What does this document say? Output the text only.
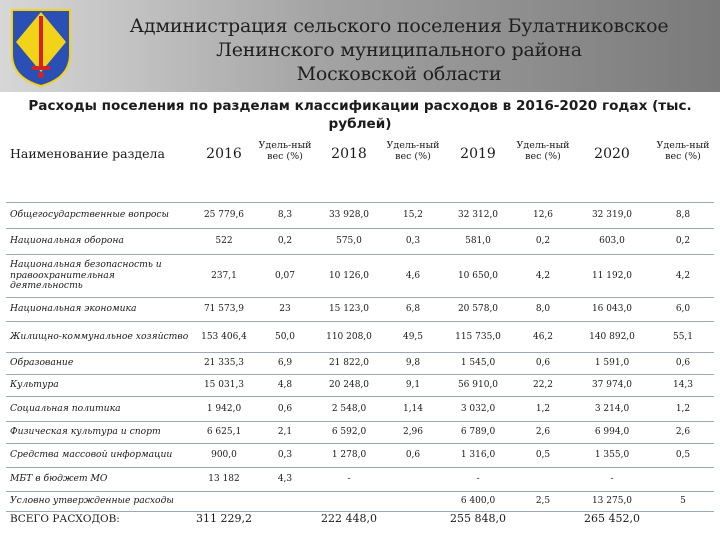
Администрация сельского поселения Булатниковское
Ленинского муниципального района
Московской области
Расходы поселения по разделам классификации расходов в 2016-2020 годах (тыс. рублей)
Наименование раздела	2016	Удель-ный вес (%)	2018	Удель-ный вес (%)	2019	Удель-ный вес (%)	2020	Удель-ный вес (%)
Общегосударственные вопросы	25 779,6	8,3	33 928,0	15,2	32 312,0	12,6	32 319,0	8,8
Национальная оборона	522	0,2	575,0	0,3	581,0	0,2	603,0	0,2
Национальная безопасность и правоохранительная деятельность	237,1	0,07	10 126,0	4,6	10 650,0	4,2	11 192,0	4,2
Национальная экономика	71 573,9	23	15 123,0	6,8	20 578,0	8,0	16 043,0	6,0
Жилищно-коммунальное хозяйство	153 406,4	50,0	110 208,0	49,5	115 735,0	46,2	140 892,0	55,1
Образование	21 335,3	6,9	21 822,0	9,8	1 545,0	0,6	1 591,0	0,6
Культура	15 031,3	4,8	20 248,0	9,1	56 910,0	22,2	37 974,0	14,3
Социальная политика	1 942,0	0,6	2 548,0	1,14	3 032,0	1,2	3 214,0	1,2
Физическая культура и спорт	6 625,1	2,1	6 592,0	2,96	6 789,0	2,6	6 994,0	2,6
Средства массовой информации	900,0	0,3	1 278,0	0,6	1 316,0	0,5	1 355,0	0,5
МБТ в бюджет МО	13 182	4,3	-		-		-	
Условно утвержденные расходы					6 400,0	2,5	13 275,0	5
ВСЕГО РАСХОДОВ:	311 229,2		222 448,0		255 848,0		265 452,0	
